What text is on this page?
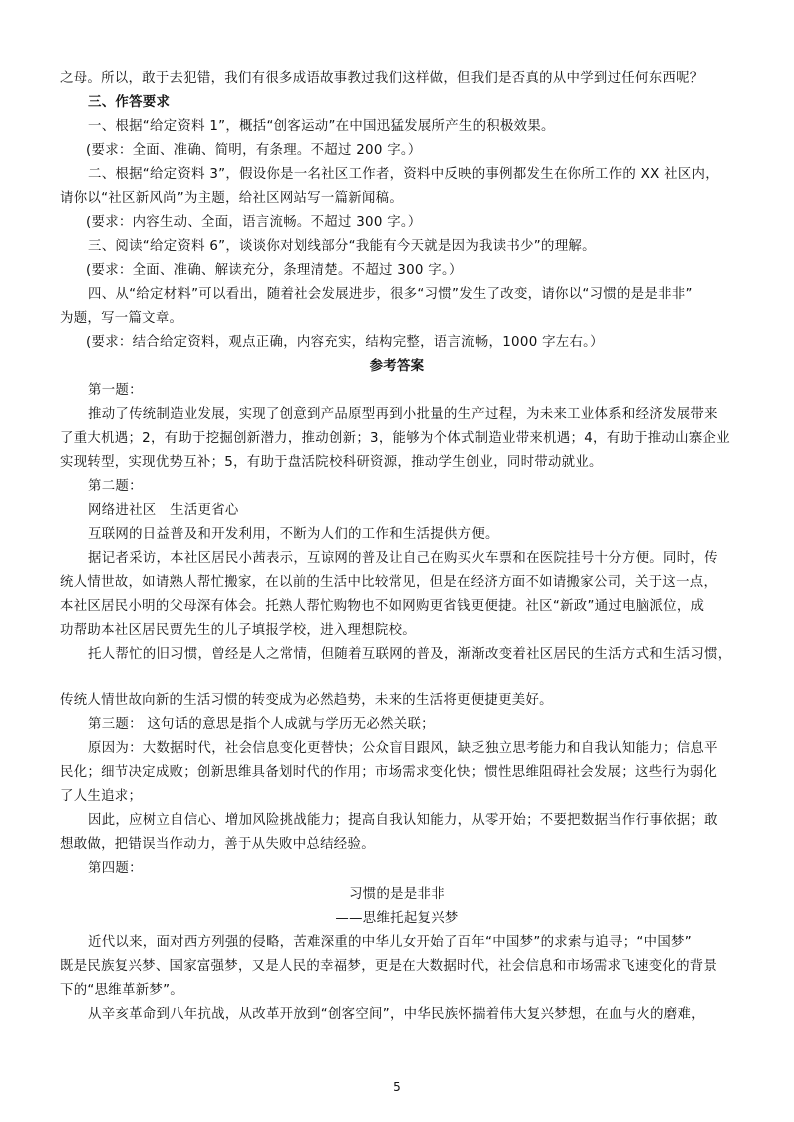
之母。所以，敢于去犯错，我们有很多成语故事教过我们这样做，但我们是否真的从中学到过任何东西呢？
三、作答要求
一、根据“给定资料 1”，概括“创客运动”在中国迅猛发展所产生的积极效果。
(要求：全面、准确、简明，有条理。不超过 200 字。）
二、根据“给定资料 3”，假设你是一名社区工作者，资料中反映的事例都发生在你所工作的 XX 社区内，
请你以“社区新风尚”为主题，给社区网站写一篇新闻稿。
(要求：内容生动、全面，语言流畅。不超过 300 字。）
三、阅读“给定资料 6”，谈谈你对划线部分“我能有今天就是因为我读书少”的理解。
(要求：全面、准确、解读充分，条理清楚。不超过 300 字。）
四、从“给定材料”可以看出，随着社会发展进步，很多“习惯”发生了改变，请你以“习惯的是是非非”
为题，写一篇文章。
(要求：结合给定资料，观点正确，内容充实，结构完整，语言流畅，1000 字左右。）
参考答案
第一题：
推动了传统制造业发展，实现了创意到产品原型再到小批量的生产过程，为未来工业体系和经济发展带来
了重大机遇；2，有助于挖掘创新潜力，推动创新；3，能够为个体式制造业带来机遇；4，有助于推动山寨企业
实现转型，实现优势互补；5，有助于盘活院校科研资源，推动学生创业，同时带动就业。
第二题：
网络进社区　生活更省心
互联网的日益普及和开发利用，不断为人们的工作和生活提供方便。
据记者采访，本社区居民小茜表示，互谅网的普及让自己在购买火车票和在医院挂号十分方便。同时，传
统人情世故，如请熟人帮忙搬家，在以前的生活中比较常见，但是在经济方面不如请搬家公司，关于这一点，
本社区居民小明的父母深有体会。托熟人帮忙购物也不如网购更省钱更便捷。社区“新政”通过电脑派位，成
功帮助本社区居民贾先生的儿子填报学校，进入理想院校。
托人帮忙的旧习惯，曾经是人之常情，但随着互联网的普及，渐渐改变着社区居民的生活方式和生活习惯，
传统人情世故向新的生活习惯的转变成为必然趋势，未来的生活将更便捷更美好。
第三题： 这句话的意思是指个人成就与学历无必然关联；
原因为：大数据时代，社会信息变化更替快；公众盲目跟风，缺乏独立思考能力和自我认知能力；信息平
民化；细节决定成败；创新思维具备划时代的作用；市场需求变化快；惯性思维阻碍社会发展；这些行为弱化
了人生追求；
因此，应树立自信心、增加风险挑战能力；提高自我认知能力，从零开始；不要把数据当作行事依据；敢
想敢做，把错误当作动力，善于从失败中总结经验。
第四题：
习惯的是是非非
——思维托起复兴梦
近代以来，面对西方列强的侵略，苦难深重的中华儿女开始了百年“中国梦”的求索与追寻；“中国梦”
既是民族复兴梦、国家富强梦，又是人民的幸福梦，更是在大数据时代，社会信息和市场需求飞速变化的背景
下的“思维革新梦”。
从辛亥革命到八年抗战，从改革开放到“创客空间”，中华民族怀揣着伟大复兴梦想，在血与火的磨难，
5
